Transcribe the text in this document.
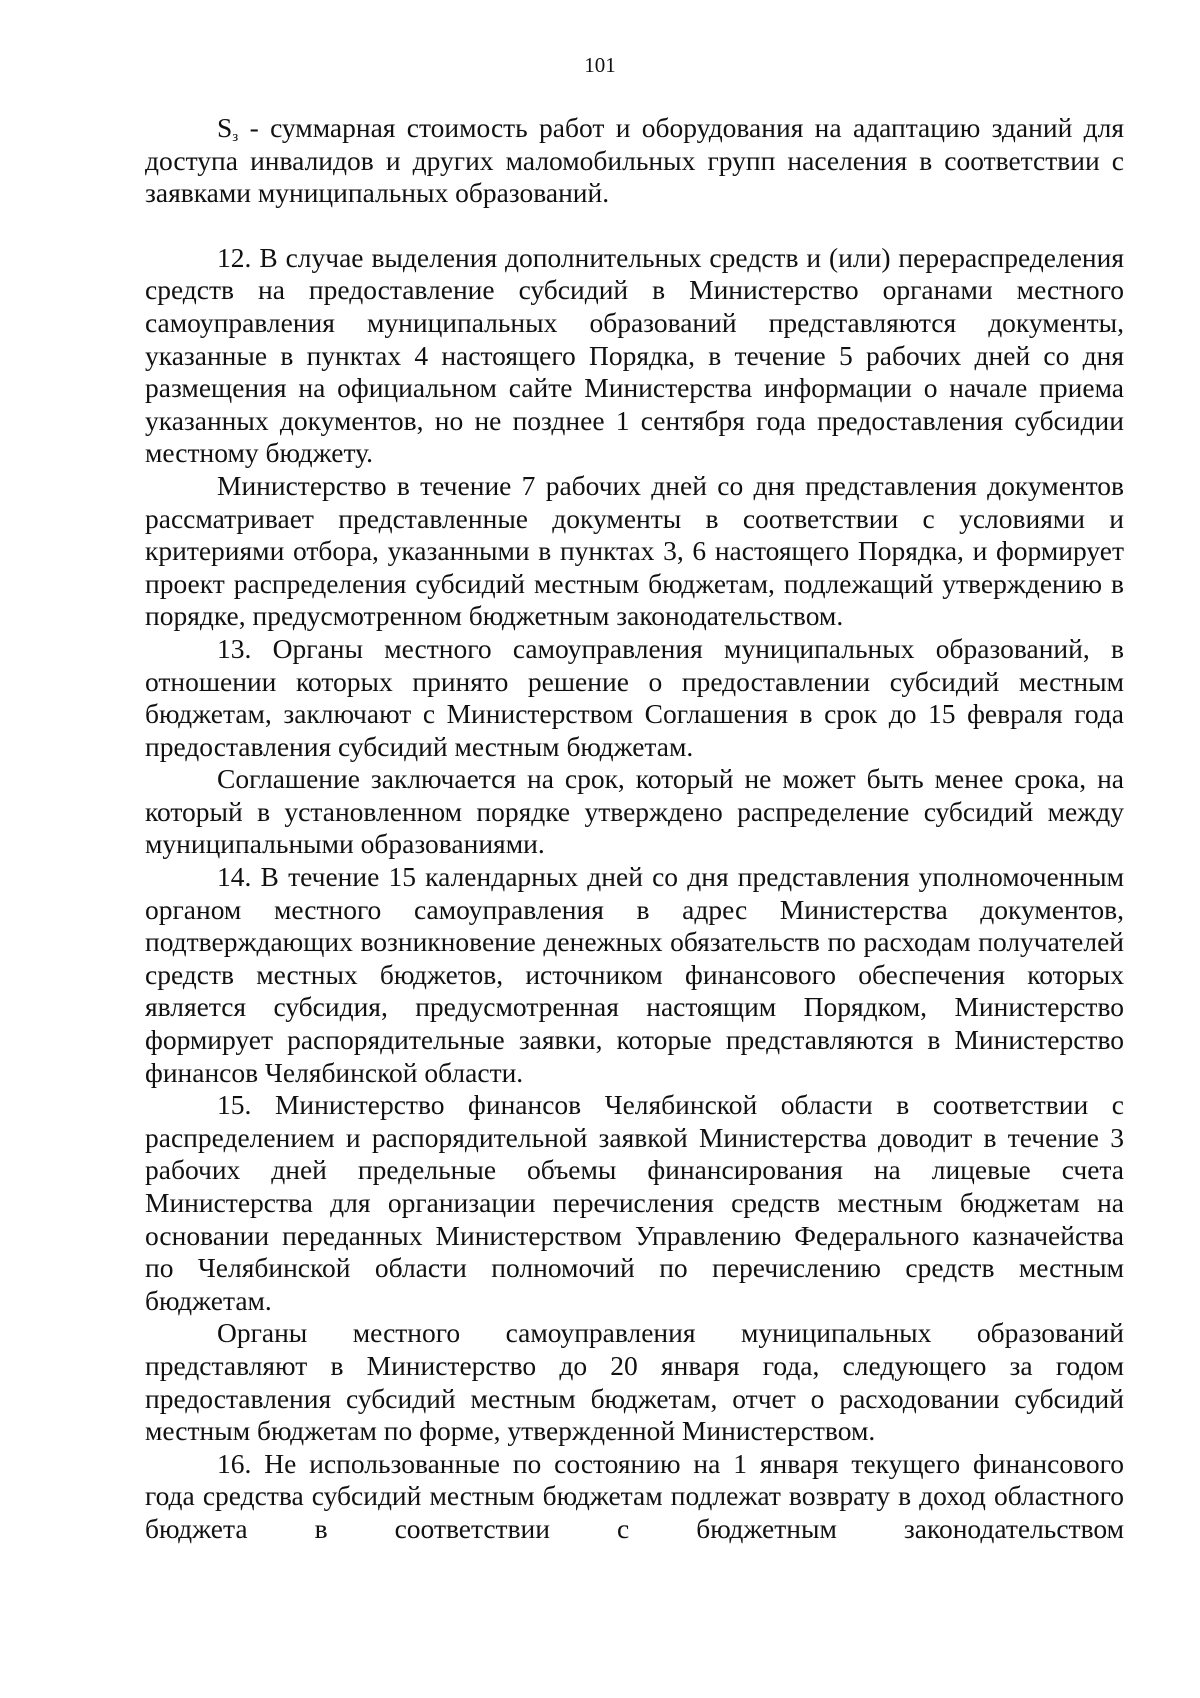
101

$S_з$ - суммарная стоимость работ и оборудования на адаптацию зданий для доступа инвалидов и других маломобильных групп населения в соответствии с заявками муниципальных образований.

12. В случае выделения дополнительных средств и (или) перераспределения средств на предоставление субсидий в Министерство органами местного самоуправления муниципальных образований представляются документы, указанные в пунктах 4 настоящего Порядка, в течение 5 рабочих дней со дня размещения на официальном сайте Министерства информации о начале приема указанных документов, но не позднее 1 сентября года предоставления субсидии местному бюджету.

Министерство в течение 7 рабочих дней со дня представления документов рассматривает представленные документы в соответствии с условиями и критериями отбора, указанными в пунктах 3, 6 настоящего Порядка, и формирует проект распределения субсидий местным бюджетам, подлежащий утверждению в порядке, предусмотренном бюджетным законодательством.

13. Органы местного самоуправления муниципальных образований, в отношении которых принято решение о предоставлении субсидий местным бюджетам, заключают с Министерством Соглашения в срок до 15 февраля года предоставления субсидий местным бюджетам.

Соглашение заключается на срок, который не может быть менее срока, на который в установленном порядке утверждено распределение субсидий между муниципальными образованиями.

14. В течение 15 календарных дней со дня представления уполномоченным органом местного самоуправления в адрес Министерства документов, подтверждающих возникновение денежных обязательств по расходам получателей средств местных бюджетов, источником финансового обеспечения которых является субсидия, предусмотренная настоящим Порядком, Министерство формирует распорядительные заявки, которые представляются в Министерство финансов Челябинской области.

15. Министерство финансов Челябинской области в соответствии с распределением и распорядительной заявкой Министерства доводит в течение 3 рабочих дней предельные объемы финансирования на лицевые счета Министерства для организации перечисления средств местным бюджетам на основании переданных Министерством Управлению Федерального казначейства по Челябинской области полномочий по перечислению средств местным бюджетам.

Органы местного самоуправления муниципальных образований представляют в Министерство до 20 января года, следующего за годом предоставления субсидий местным бюджетам, отчет о расходовании субсидий местным бюджетам по форме, утвержденной Министерством.

16. Не использованные по состоянию на 1 января текущего финансового года средства субсидий местным бюджетам подлежат возврату в доход областного бюджета в соответствии с бюджетным законодательством
